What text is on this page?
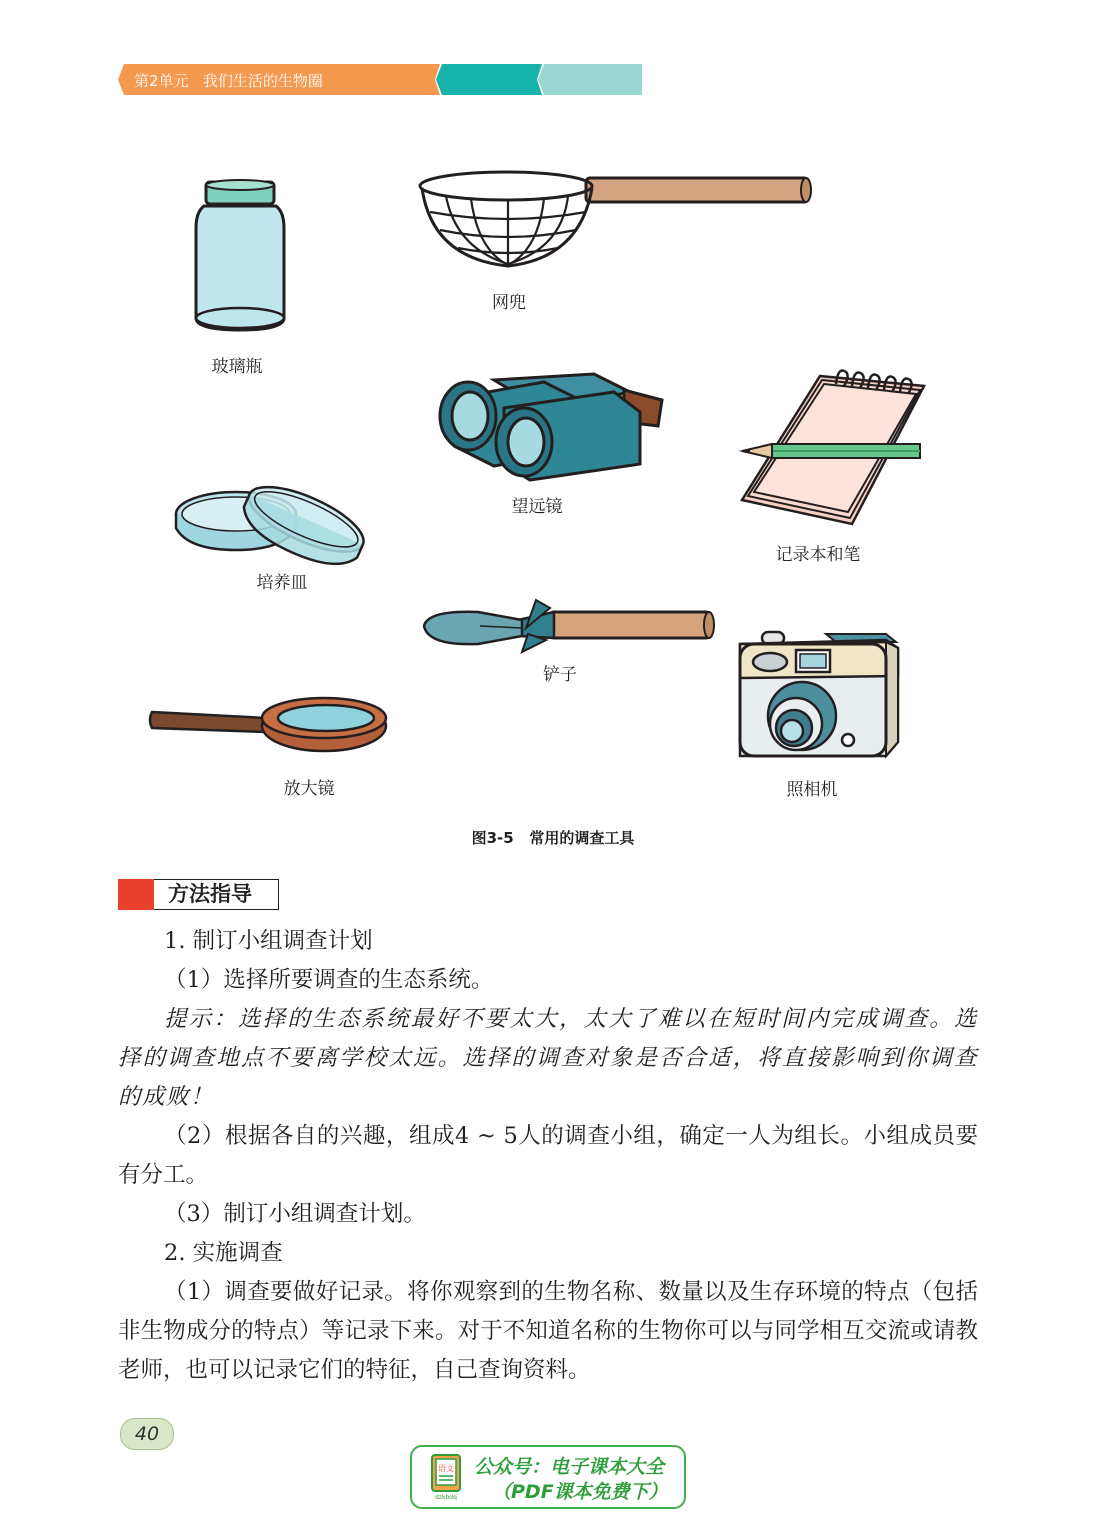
第2单元   我们生活的生物圈
玻璃瓶
网兜
望远镜
记录本和笔
培养皿
铲子
放大镜	照相机
图3-5   常用的调查工具
方法指导

1. 制订小组调查计划

（1）选择所要调查的生态系统。

提示：选择的生态系统最好不要太大，太大了难以在短时间内完成调查。选择的调查地点不要离学校太远。选择的调查对象是否合适，将直接影响到你调查的成败！

（2）根据各自的兴趣，组成4 ~ 5人的调查小组，确定一人为组长。小组成员要有分工。

（3）制订小组调查计划。

2. 实施调查

（1）调查要做好记录。将你观察到的生物名称、数量以及生存环境的特点（包括非生物成分的特点）等记录下来。对于不知道名称的生物你可以与同学相互交流或请教老师，也可以记录它们的特征，自己查询资料。

40
语文
dzkbdq
公众号：电子课本大全
（PDF课本免费下）
